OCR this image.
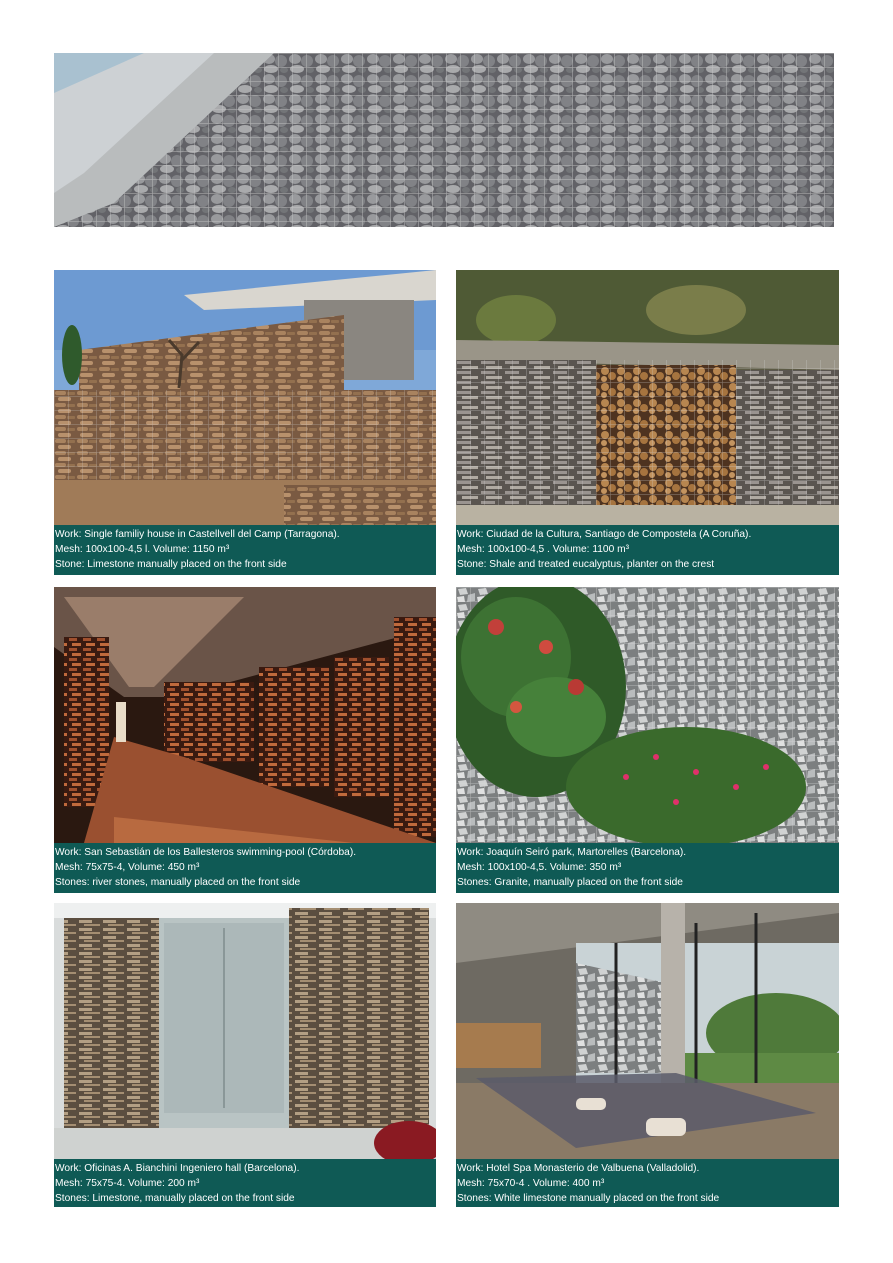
Work: Single familiy house in Castellvell del Camp (Tarragona).
Mesh: 100x100-4,5 l. Volume: 1150 m³
Stone: Limestone manually placed on the front side
Work: Ciudad de la Cultura, Santiago de Compostela (A Coruña).
Mesh: 100x100-4,5 . Volume: 1100 m³
Stone: Shale and treated eucalyptus, planter on the crest
Work: San Sebastián de los Ballesteros swimming-pool (Córdoba).
Mesh: 75x75-4, Volume: 450 m³
Stones: river stones, manually placed on the front side
Work: Joaquín Seiró park, Martorelles (Barcelona).
Mesh: 100x100-4,5. Volume: 350 m³
Stones: Granite, manually placed on the front side
Work: Oficinas A. Bianchini Ingeniero hall (Barcelona).
Mesh: 75x75-4. Volume: 200 m³
Stones: Limestone, manually placed on the front side
Work: Hotel Spa Monasterio de Valbuena (Valladolid).
Mesh: 75x70-4 . Volume: 400 m³
Stones: White limestone manually placed on the front side
